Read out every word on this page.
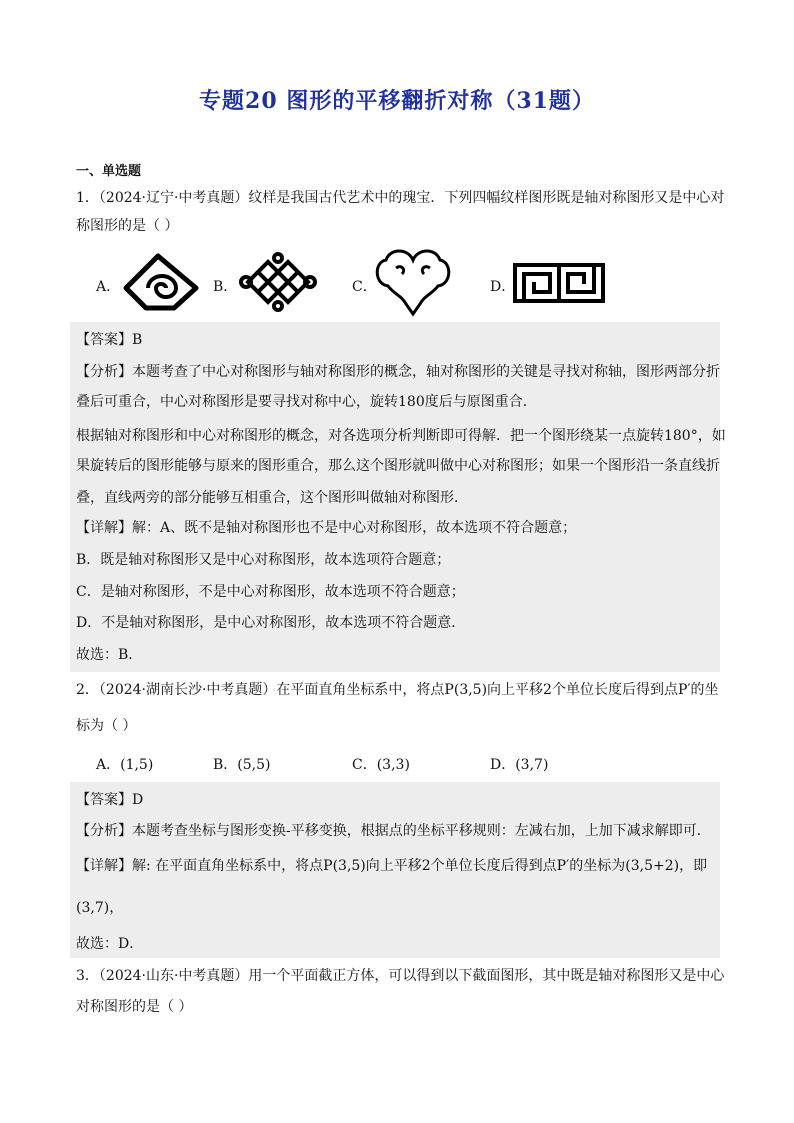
专题20 图形的平移翻折对称（31题）
一、单选题
1．（2024·辽宁·中考真题）纹样是我国古代艺术中的瑰宝．下列四幅纹样图形既是轴对称图形又是中心对
称图形的是（ ）
A．	B．	C．	D．
【答案】B
【分析】本题考查了中心对称图形与轴对称图形的概念，轴对称图形的关键是寻找对称轴，图形两部分折
叠后可重合，中心对称图形是要寻找对称中心，旋转180度后与原图重合．
根据轴对称图形和中心对称图形的概念，对各选项分析判断即可得解．把一个图形绕某一点旋转180°，如
果旋转后的图形能够与原来的图形重合，那么这个图形就叫做中心对称图形；如果一个图形沿一条直线折
叠，直线两旁的部分能够互相重合，这个图形叫做轴对称图形．
【详解】解：A、既不是轴对称图形也不是中心对称图形，故本选项不符合题意；
B．既是轴对称图形又是中心对称图形，故本选项符合题意；
C．是轴对称图形，不是中心对称图形，故本选项不符合题意；
D．不是轴对称图形，是中心对称图形，故本选项不符合题意．
故选：B．
2．（2024·湖南长沙·中考真题）在平面直角坐标系中，将点P(3,5)向上平移2个单位长度后得到点P′的坐
标为（ ）
A．(1,5)	B．(5,5)	C．(3,3)	D．(3,7)
【答案】D
【分析】本题考查坐标与图形变换-平移变换，根据点的坐标平移规则：左减右加，上加下减求解即可．
【详解】解: 在平面直角坐标系中，将点P(3,5)向上平移2个单位长度后得到点P′的坐标为(3,5+2)，即
(3,7)，
故选：D．
3．（2024·山东·中考真题）用一个平面截正方体，可以得到以下截面图形，其中既是轴对称图形又是中心
对称图形的是（ ）
